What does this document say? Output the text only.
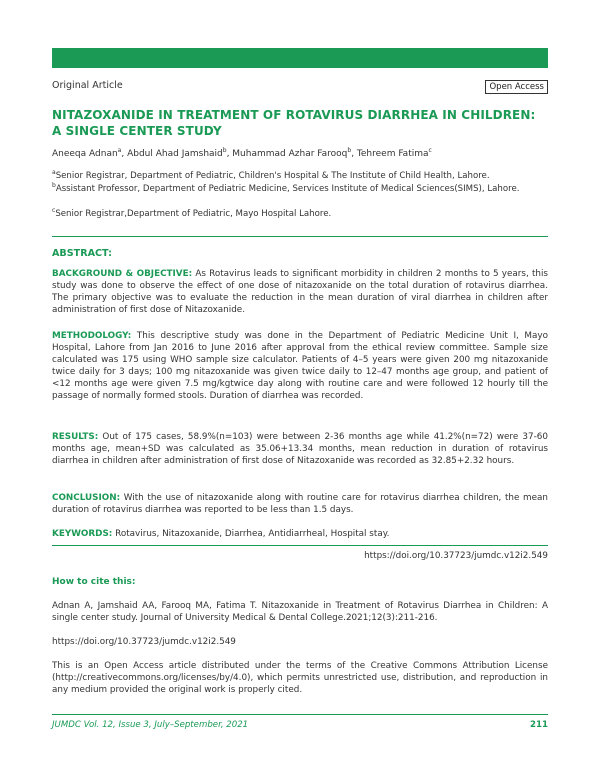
Original Article	Open Access
NITAZOXANIDE IN TREATMENT OF ROTAVIRUS DIARRHEA IN CHILDREN: A SINGLE CENTER STUDY
Aneeqa Adnan$^a$, Abdul Ahad Jamshaid$^b$, Muhammad Azhar Farooq$^b$, Tehreem Fatima$^c$
$^a$Senior Registrar, Department of Pediatric, Children's Hospital & The Institute of Child Health, Lahore.
$^b$Assistant Professor, Department of Pediatric Medicine, Services Institute of Medical Sciences(SIMS), Lahore.
$^c$Senior Registrar,Department of Pediatric, Mayo Hospital Lahore.
ABSTRACT:
BACKGROUND & OBJECTIVE: As Rotavirus leads to significant morbidity in children 2 months to 5 years, this study was done to observe the effect of one dose of nitazoxanide on the total duration of rotavirus diarrhea. The primary objective was to evaluate the reduction in the mean duration of viral diarrhea in children after administration of first dose of Nitazoxanide.
METHODOLOGY: This descriptive study was done in the Department of Pediatric Medicine Unit I, Mayo Hospital, Lahore from Jan 2016 to June 2016 after approval from the ethical review committee. Sample size calculated was 175 using WHO sample size calculator. Patients of 4–5 years were given 200 mg nitazoxanide twice daily for 3 days; 100 mg nitazoxanide was given twice daily to 12–47 months age group, and patient of <12 months age were given 7.5 mg/kgtwice day along with routine care and were followed 12 hourly till the passage of normally formed stools. Duration of diarrhea was recorded.
RESULTS: Out of 175 cases, 58.9%(n=103) were between 2-36 months age while 41.2%(n=72) were 37-60 months age, mean+SD was calculated as 35.06+13.34 months, mean reduction in duration of rotavirus diarrhea in children after administration of first dose of Nitazoxanide was recorded as 32.85+2.32 hours.
CONCLUSION: With the use of nitazoxanide along with routine care for rotavirus diarrhea children, the mean duration of rotavirus diarrhea was reported to be less than 1.5 days.
KEYWORDS: Rotavirus, Nitazoxanide, Diarrhea, Antidiarrheal, Hospital stay.
https://doi.org/10.37723/jumdc.v12i2.549
How to cite this:
Adnan A, Jamshaid AA, Farooq MA, Fatima T. Nitazoxanide in Treatment of Rotavirus Diarrhea in Children: A single center study. Journal of University Medical & Dental College.2021;12(3):211-216.
https://doi.org/10.37723/jumdc.v12i2.549
This is an Open Access article distributed under the terms of the Creative Commons Attribution License (http://creativecommons.org/licenses/by/4.0), which permits unrestricted use, distribution, and reproduction in any medium provided the original work is properly cited.
JUMDC Vol. 12, Issue 3, July–September, 2021	211
